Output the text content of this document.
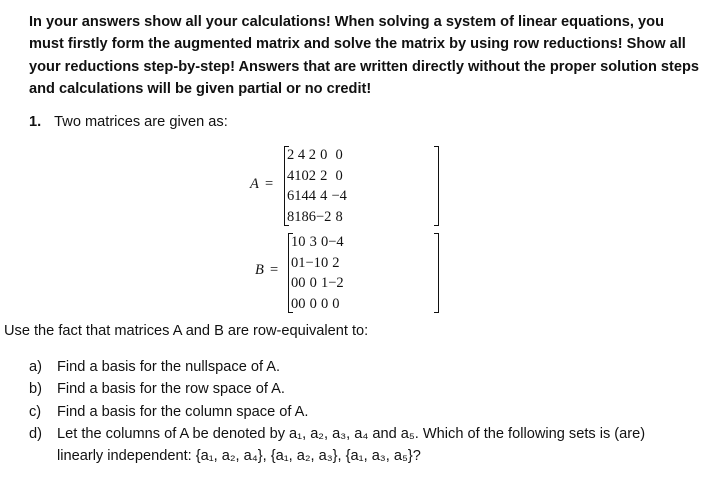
In your answers show all your calculations! When solving a system of linear equations, you must firstly form the augmented matrix and solve the matrix by using row reductions! Show all your reductions step-by-step! Answers that are written directly without the proper solution steps and calculations will be given partial or no credit!
1. Two matrices are given as:
A =
2	4	2	0	0
4	10	2	2	0
6	14	4	4	−4
8	18	6	−2	8
B =
1	0	3	0	−4
0	1	−1	0	2
0	0	0	1	−2
0	0	0	0	0
Use the fact that matrices A and B are row-equivalent to:
a) Find a basis for the nullspace of A.
b) Find a basis for the row space of A.
c) Find a basis for the column space of A.
d) Let the columns of A be denoted by a₁, a₂, a₃, a₄ and a₅. Which of the following sets is (are)
linearly independent: {a₁, a₂, a₄}, {a₁, a₂, a₃}, {a₁, a₃, a₅}?
